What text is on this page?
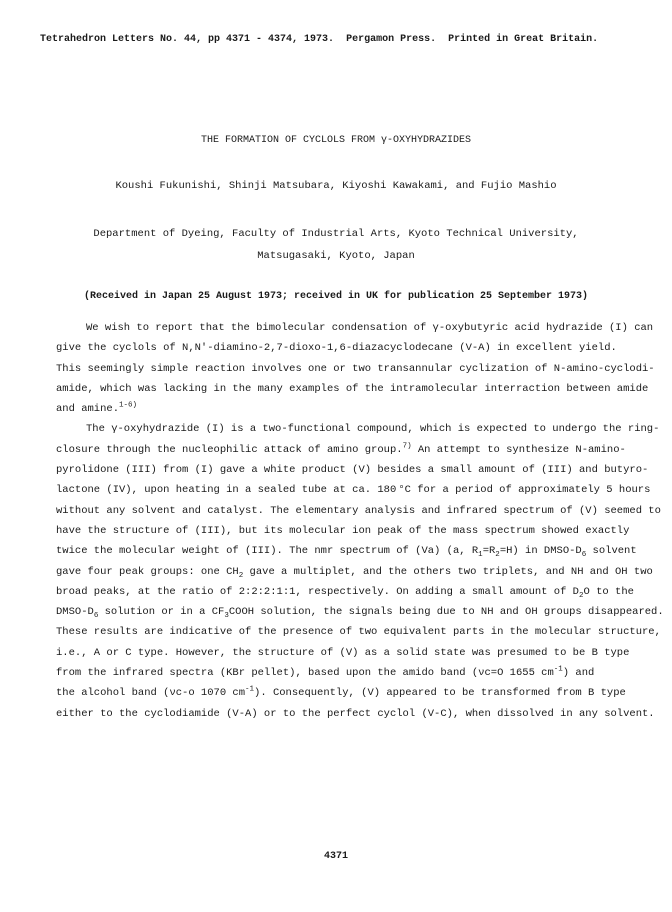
Tetrahedron Letters No. 44, pp 4371 - 4374, 1973. Pergamon Press. Printed in Great Britain.
THE FORMATION OF CYCLOLS FROM γ-OXYHYDRAZIDES
Koushi Fukunishi, Shinji Matsubara, Kiyoshi Kawakami, and Fujio Mashio
Department of Dyeing, Faculty of Industrial Arts, Kyoto Technical University,
Matsugasaki, Kyoto, Japan
(Received in Japan 25 August 1973; received in UK for publication 25 September 1973)
We wish to report that the bimolecular condensation of γ-oxybutyric acid hydrazide (I) can
give the cyclols of N,N'-diamino-2,7-dioxo-1,6-diazacyclodecane (V-A) in excellent yield.
This seemingly simple reaction involves one or two transannular cyclization of N-amino-cyclodi-
amide, which was lacking in the many examples of the intramolecular interraction between amide
and amine.$^{1-6)}$
The γ-oxyhydrazide (I) is a two-functional compound, which is expected to undergo the ring-
closure through the nucleophilic attack of amino group.$^{7)}$ An attempt to synthesize N-amino-
pyrolidone (III) from (I) gave a white product (V) besides a small amount of (III) and butyro-
lactone (IV), upon heating in a sealed tube at ca. 180 °C for a period of approximately 5 hours
without any solvent and catalyst. The elementary analysis and infrared spectrum of (V) seemed to
have the structure of (III), but its molecular ion peak of the mass spectrum showed exactly
twice the molecular weight of (III). The nmr spectrum of (Va) (a, $R_1=R_2=H$) in DMSO-$D_6$ solvent
gave four peak groups: one $CH_2$ gave a multiplet, and the others two triplets, and NH and OH two
broad peaks, at the ratio of 2:2:2:1:1, respectively. On adding a small amount of $D_2O$ to the
DMSO-$D_6$ solution or in a $CF_3COOH$ solution, the signals being due to NH and OH groups disappeared.
These results are indicative of the presence of two equivalent parts in the molecular structure,
i.e., A or C type. However, the structure of (V) as a solid state was presumed to be B type
from the infrared spectra (KBr pellet), based upon the amido band (νc=O 1655 $cm^{-1}$) and
the alcohol band (νc-o 1070 $cm^{-1}$). Consequently, (V) appeared to be transformed from B type
either to the cyclodiamide (V-A) or to the perfect cyclol (V-C), when dissolved in any solvent.
4371
